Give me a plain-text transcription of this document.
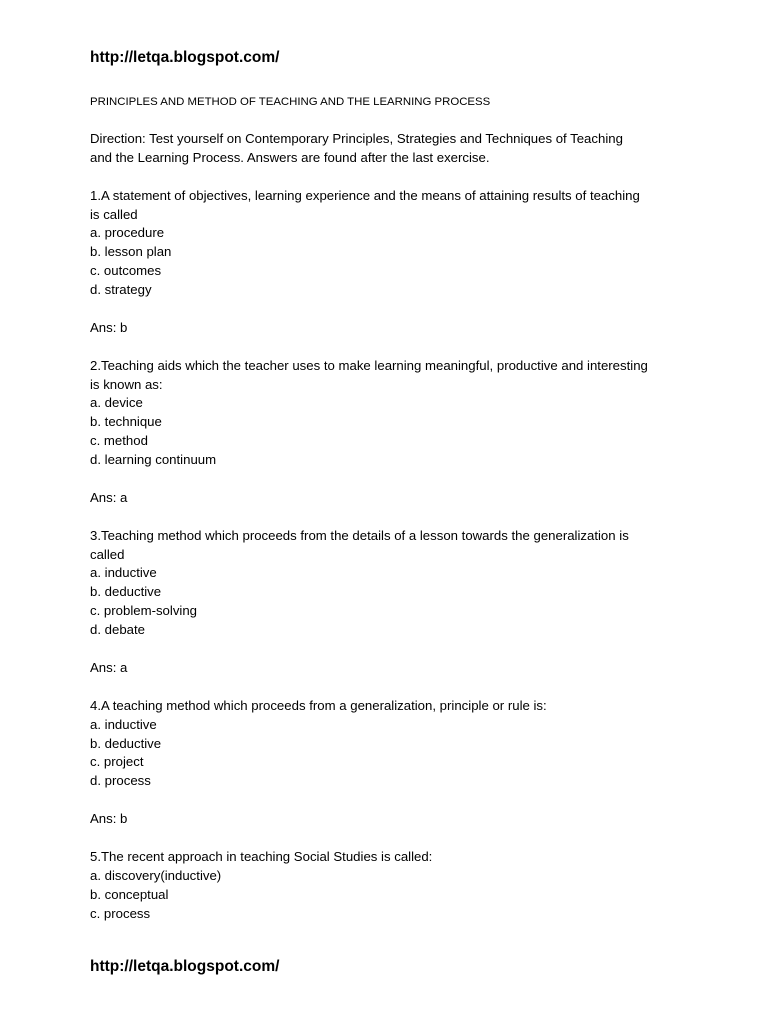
http://letqa.blogspot.com/
PRINCIPLES AND METHOD OF TEACHING AND THE LEARNING PROCESS
Direction: Test yourself on Contemporary Principles, Strategies and Techniques of Teaching
and the Learning Process. Answers are found after the last exercise.
1.A statement of objectives, learning experience and the means of attaining results of teaching
is called
a. procedure
b. lesson plan
c. outcomes
d. strategy
Ans: b
2.Teaching aids which the teacher uses to make learning meaningful, productive and interesting
is known as:
a. device
b. technique
c. method
d. learning continuum
Ans: a
3.Teaching method which proceeds from the details of a lesson towards the generalization is
called
a. inductive
b. deductive
c. problem-solving
d. debate
Ans: a
4.A teaching method which proceeds from a generalization, principle or rule is:
a. inductive
b. deductive
c. project
d. process
Ans: b
5.The recent approach in teaching Social Studies is called:
a. discovery(inductive)
b. conceptual
c. process
http://letqa.blogspot.com/
